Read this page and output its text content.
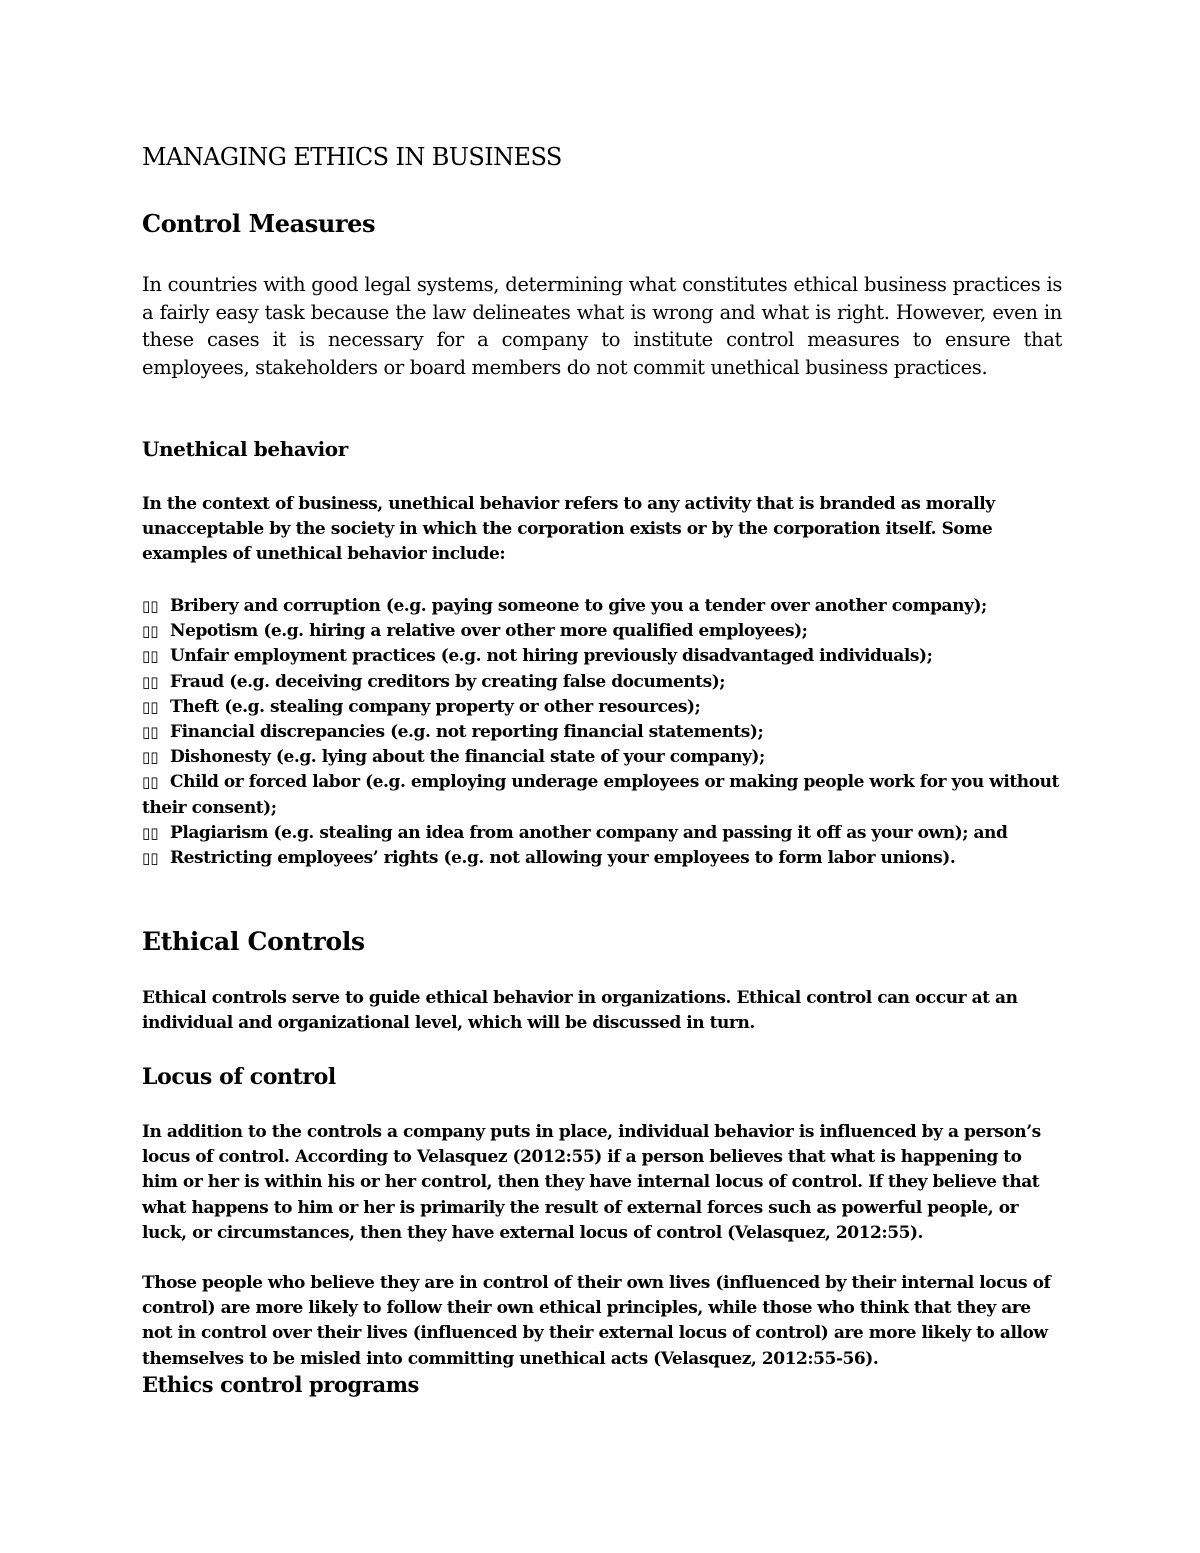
MANAGING ETHICS IN BUSINESS
Control Measures

In countries with good legal systems, determining what constitutes ethical business practices is a fairly easy task because the law delineates what is wrong and what is right. However, even in these cases it is necessary for a company to institute control measures to ensure that employees, stakeholders or board members do not commit unethical business practices.

Unethical behavior

In the context of business, unethical behavior refers to any activity that is branded as morally unacceptable by the society in which the corporation exists or by the corporation itself. Some examples of unethical behavior include:

▯▯ Bribery and corruption (e.g. paying someone to give you a tender over another company);
▯▯ Nepotism (e.g. hiring a relative over other more qualified employees);
▯▯ Unfair employment practices (e.g. not hiring previously disadvantaged individuals);
▯▯ Fraud (e.g. deceiving creditors by creating false documents);
▯▯ Theft (e.g. stealing company property or other resources);
▯▯ Financial discrepancies (e.g. not reporting financial statements);
▯▯ Dishonesty (e.g. lying about the financial state of your company);
▯▯ Child or forced labor (e.g. employing underage employees or making people work for you without their consent);
▯▯ Plagiarism (e.g. stealing an idea from another company and passing it off as your own); and
▯▯ Restricting employees’ rights (e.g. not allowing your employees to form labor unions).
Ethical Controls

Ethical controls serve to guide ethical behavior in organizations. Ethical control can occur at an individual and organizational level, which will be discussed in turn.

Locus of control

In addition to the controls a company puts in place, individual behavior is influenced by a person’s locus of control. According to Velasquez (2012:55) if a person believes that what is happening to him or her is within his or her control, then they have internal locus of control. If they believe that what happens to him or her is primarily the result of external forces such as powerful people, or luck, or circumstances, then they have external locus of control (Velasquez, 2012:55).

Those people who believe they are in control of their own lives (influenced by their internal locus of control) are more likely to follow their own ethical principles, while those who think that they are not in control over their lives (influenced by their external locus of control) are more likely to allow themselves to be misled into committing unethical acts (Velasquez, 2012:55-56).

Ethics control programs
